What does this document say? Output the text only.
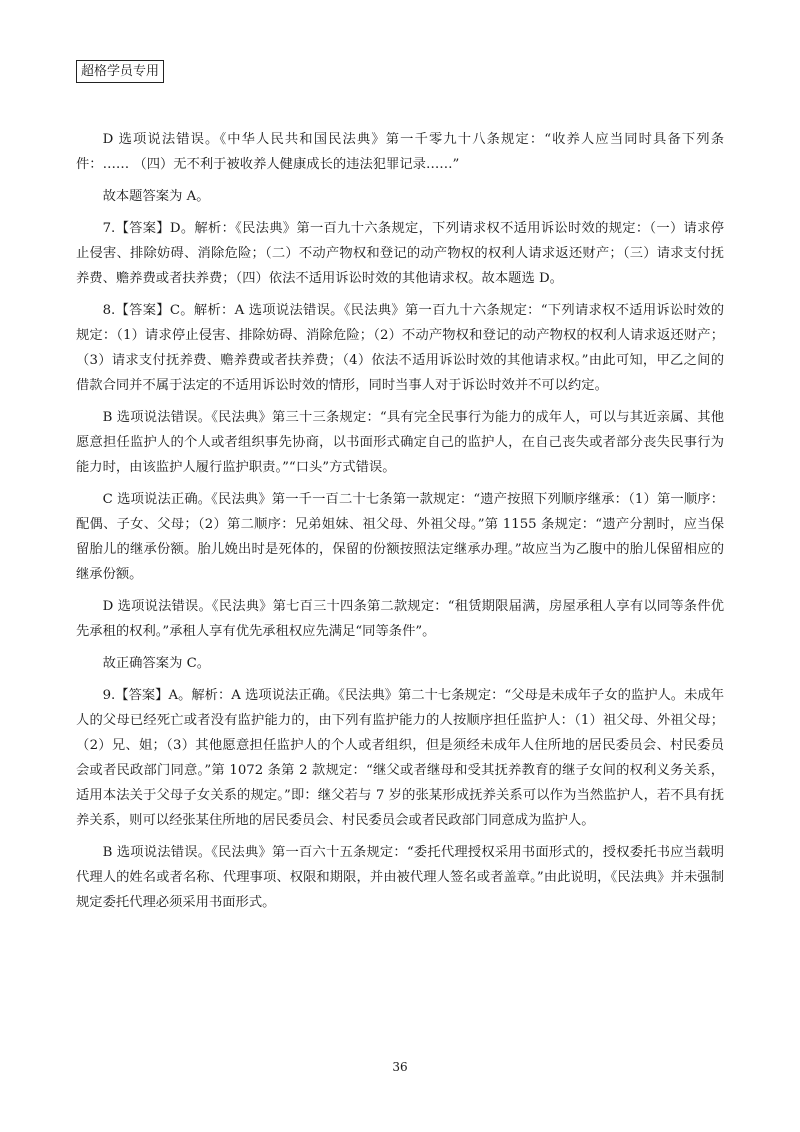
超格学员专用

D 选项说法错误。《中华人民共和国民法典》第一千零九十八条规定：“收养人应当同时具备下列条件：…… （四）无不利于被收养人健康成长的违法犯罪记录……”

故本题答案为 A。

7.【答案】D。解析：《民法典》第一百九十六条规定，下列请求权不适用诉讼时效的规定：（一）请求停止侵害、排除妨碍、消除危险；（二）不动产物权和登记的动产物权的权利人请求返还财产；（三）请求支付抚养费、赡养费或者扶养费；（四）依法不适用诉讼时效的其他请求权。故本题选 D。

8.【答案】C。解析：A 选项说法错误。《民法典》第一百九十六条规定：“下列请求权不适用诉讼时效的规定：（1）请求停止侵害、排除妨碍、消除危险；（2）不动产物权和登记的动产物权的权利人请求返还财产；（3）请求支付抚养费、赡养费或者扶养费；（4）依法不适用诉讼时效的其他请求权。”由此可知，甲乙之间的借款合同并不属于法定的不适用诉讼时效的情形，同时当事人对于诉讼时效并不可以约定。

B 选项说法错误。《民法典》第三十三条规定：“具有完全民事行为能力的成年人，可以与其近亲属、其他愿意担任监护人的个人或者组织事先协商，以书面形式确定自己的监护人，在自己丧失或者部分丧失民事行为能力时，由该监护人履行监护职责。”“口头”方式错误。

C 选项说法正确。《民法典》第一千一百二十七条第一款规定：“遗产按照下列顺序继承：（1）第一顺序：配偶、子女、父母；（2）第二顺序：兄弟姐妹、祖父母、外祖父母。”第 1155 条规定：“遗产分割时，应当保留胎儿的继承份额。胎儿娩出时是死体的，保留的份额按照法定继承办理。”故应当为乙腹中的胎儿保留相应的继承份额。

D 选项说法错误。《民法典》第七百三十四条第二款规定：“租赁期限届满，房屋承租人享有以同等条件优先承租的权利。”承租人享有优先承租权应先满足“同等条件”。

故正确答案为 C。

9.【答案】A。解析：A 选项说法正确。《民法典》第二十七条规定：“父母是未成年子女的监护人。未成年人的父母已经死亡或者没有监护能力的，由下列有监护能力的人按顺序担任监护人：（1）祖父母、外祖父母；（2）兄、姐；（3）其他愿意担任监护人的个人或者组织，但是须经未成年人住所地的居民委员会、村民委员会或者民政部门同意。”第 1072 条第 2 款规定：“继父或者继母和受其抚养教育的继子女间的权利义务关系，适用本法关于父母子女关系的规定。”即：继父若与 7 岁的张某形成抚养关系可以作为当然监护人，若不具有抚养关系，则可以经张某住所地的居民委员会、村民委员会或者民政部门同意成为监护人。

B 选项说法错误。《民法典》第一百六十五条规定：“委托代理授权采用书面形式的，授权委托书应当载明代理人的姓名或者名称、代理事项、权限和期限，并由被代理人签名或者盖章。”由此说明，《民法典》并未强制规定委托代理必须采用书面形式。

36
